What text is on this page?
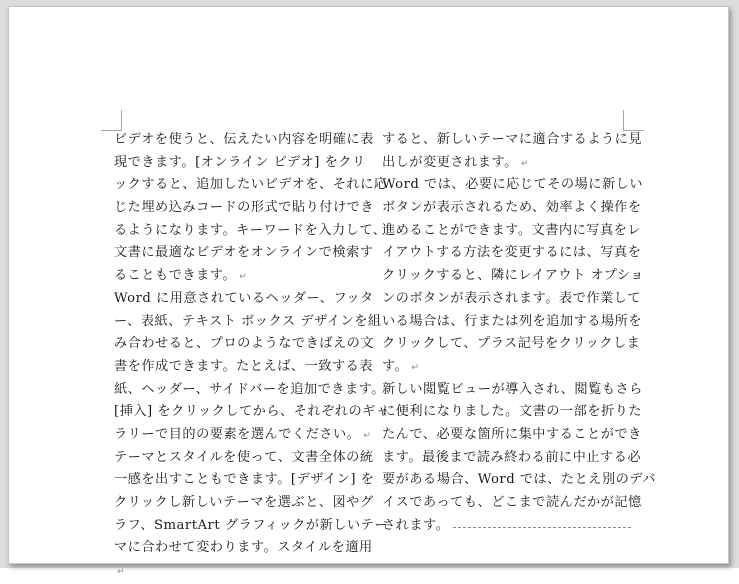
ビデオを使うと、伝えたい内容を明確に表
現できます。[オンライン ビデオ] をクリ
ックすると、追加したいビデオを、それに応
じた埋め込みコードの形式で貼り付けでき
るようになります。キーワードを入力して、
文書に最適なビデオをオンラインで検索す
ることもできます。 ↵
Word に用意されているヘッダー、フッタ
ー、表紙、テキスト ボックス デザインを組
み合わせると、プロのようなできばえの文
書を作成できます。たとえば、一致する表
紙、ヘッダー、サイドバーを追加できます。
[挿入] をクリックしてから、それぞれのギャ
ラリーで目的の要素を選んでください。 ↵
テーマとスタイルを使って、文書全体の統
一感を出すこともできます。[デザイン] を
クリックし新しいテーマを選ぶと、図やグ
ラフ、SmartArt グラフィックが新しいテー
マに合わせて変わります。スタイルを適用
↵
すると、新しいテーマに適合するように見
出しが変更されます。 ↵
Word では、必要に応じてその場に新しい
ボタンが表示されるため、効率よく操作を
進めることができます。文書内に写真をレ
イアウトする方法を変更するには、写真を
クリックすると、隣にレイアウト オプショ
ンのボタンが表示されます。表で作業して
いる場合は、行または列を追加する場所を
クリックして、プラス記号をクリックしま
す。 ↵
新しい閲覧ビューが導入され、閲覧もさら
に便利になりました。文書の一部を折りた
たんで、必要な箇所に集中することができ
ます。最後まで読み終わる前に中止する必
要がある場合、Word では、たとえ別のデバ
イスであっても、どこまで読んだかが記憶
されます。
